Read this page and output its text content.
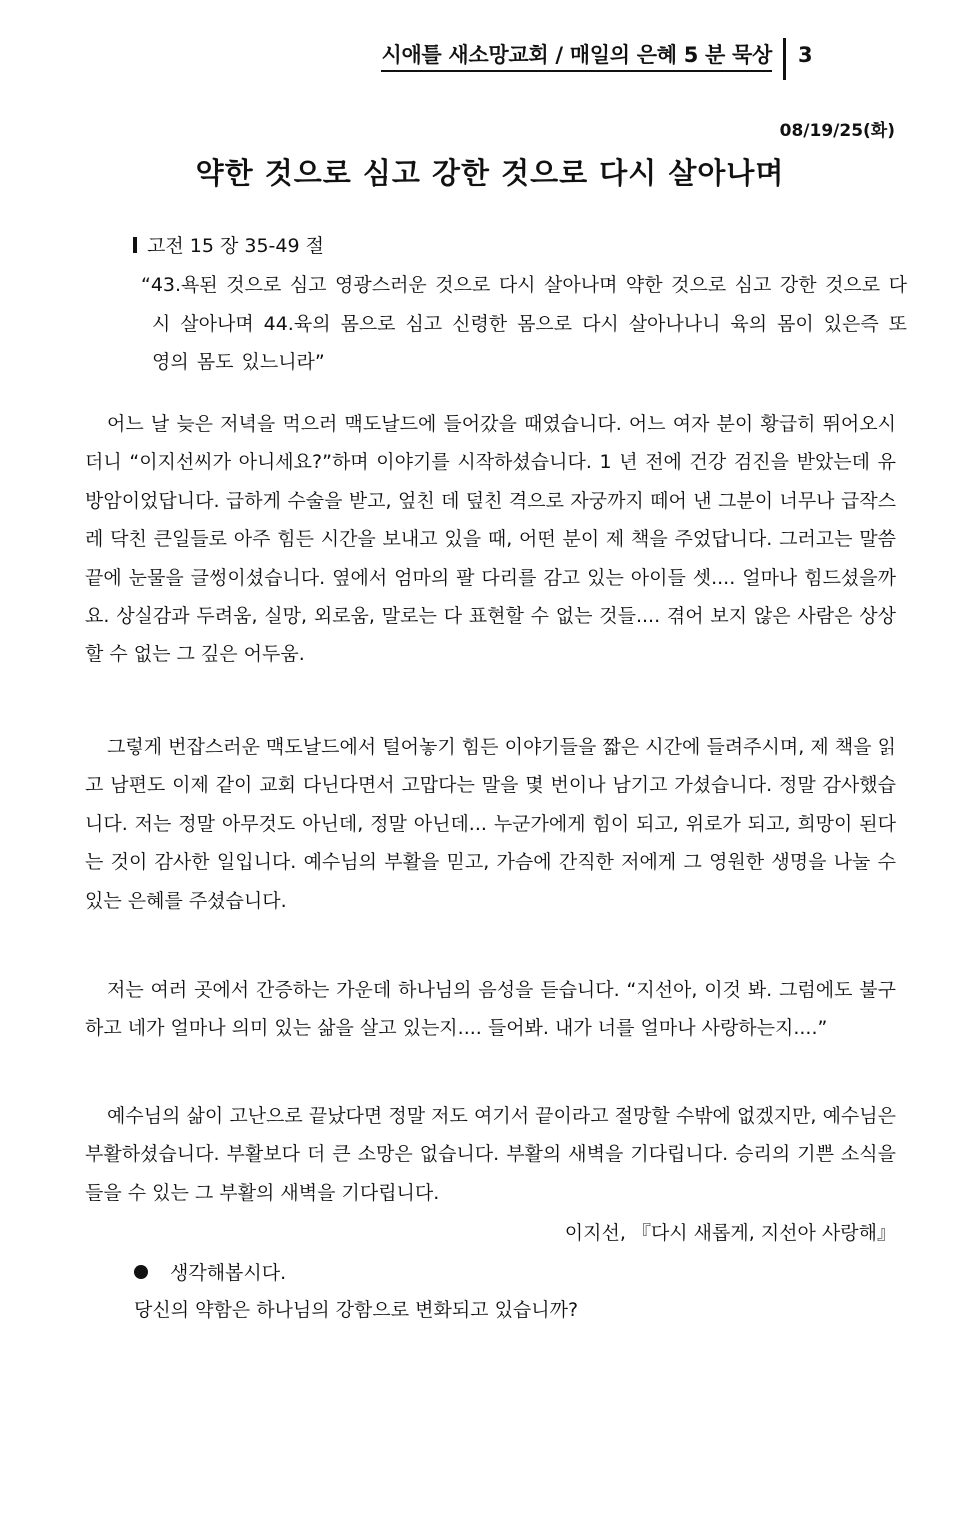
시애틀 새소망교회 / 매일의 은혜 5 분 묵상 3
08/19/25(화)
약한 것으로 심고 강한 것으로 다시 살아나며
고전 15 장 35-49 절
“43.욕된 것으로 심고 영광스러운 것으로 다시 살아나며 약한 것으로 심고 강한 것으로 다시 살아나며 44.육의 몸으로 심고 신령한 몸으로 다시 살아나나니 육의 몸이 있은즉 또 영의 몸도 있느니라”

어느 날 늦은 저녁을 먹으러 맥도날드에 들어갔을 때였습니다. 어느 여자 분이 황급히 뛰어오시더니 “이지선씨가 아니세요?”하며 이야기를 시작하셨습니다. 1 년 전에 건강 검진을 받았는데 유방암이었답니다. 급하게 수술을 받고, 엎친 데 덮친 격으로 자궁까지 떼어 낸 그분이 너무나 급작스레 닥친 큰일들로 아주 힘든 시간을 보내고 있을 때, 어떤 분이 제 책을 주었답니다. 그러고는 말씀 끝에 눈물을 글썽이셨습니다. 옆에서 엄마의 팔 다리를 감고 있는 아이들 셋.... 얼마나 힘드셨을까요. 상실감과 두려움, 실망, 외로움, 말로는 다 표현할 수 없는 것들.... 겪어 보지 않은 사람은 상상할 수 없는 그 깊은 어두움.

그렇게 번잡스러운 맥도날드에서 털어놓기 힘든 이야기들을 짧은 시간에 들려주시며, 제 책을 읽고 남편도 이제 같이 교회 다닌다면서 고맙다는 말을 몇 번이나 남기고 가셨습니다. 정말 감사했습니다. 저는 정말 아무것도 아닌데, 정말 아닌데... 누군가에게 힘이 되고, 위로가 되고, 희망이 된다는 것이 감사한 일입니다. 예수님의 부활을 믿고, 가슴에 간직한 저에게 그 영원한 생명을 나눌 수 있는 은혜를 주셨습니다.

저는 여러 곳에서 간증하는 가운데 하나님의 음성을 듣습니다. “지선아, 이것 봐. 그럼에도 불구하고 네가 얼마나 의미 있는 삶을 살고 있는지.... 들어봐. 내가 너를 얼마나 사랑하는지....”

예수님의 삶이 고난으로 끝났다면 정말 저도 여기서 끝이라고 절망할 수밖에 없겠지만, 예수님은 부활하셨습니다. 부활보다 더 큰 소망은 없습니다. 부활의 새벽을 기다립니다. 승리의 기쁜 소식을 들을 수 있는 그 부활의 새벽을 기다립니다.

이지선, 『다시 새롭게, 지선아 사랑해』
생각해봅시다.
당신의 약함은 하나님의 강함으로 변화되고 있습니까?
